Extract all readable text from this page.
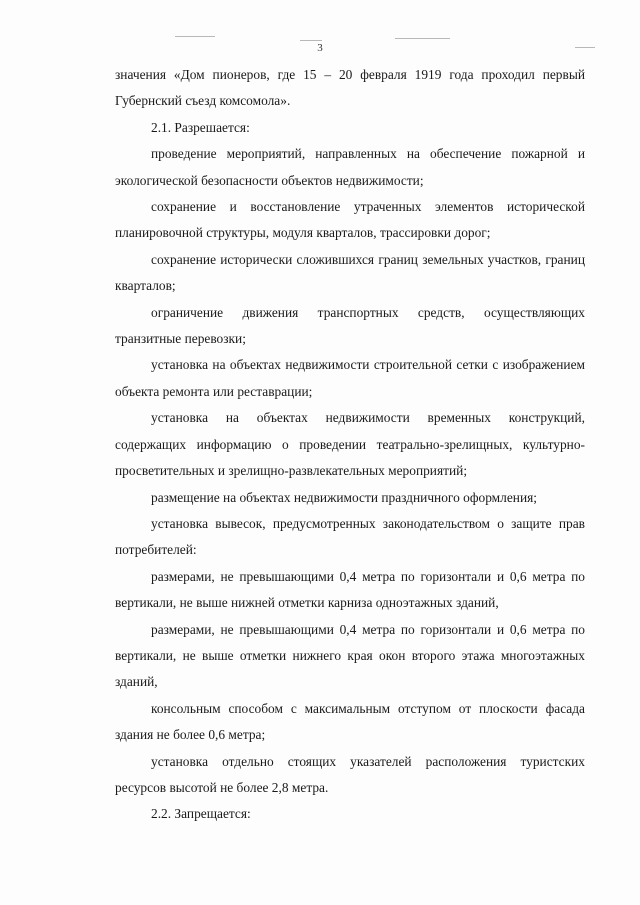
3

значения «Дом пионеров, где 15 – 20 февраля 1919 года проходил первый Губернский съезд комсомола».

2.1. Разрешается:

проведение мероприятий, направленных на обеспечение пожарной и экологической безопасности объектов недвижимости;

сохранение и восстановление утраченных элементов исторической планировочной структуры, модуля кварталов, трассировки дорог;

сохранение исторически сложившихся границ земельных участков, границ кварталов;

ограничение движения транспортных средств, осуществляющих транзитные перевозки;

установка на объектах недвижимости строительной сетки с изображением объекта ремонта или реставрации;

установка на объектах недвижимости временных конструкций, содержащих информацию о проведении театрально-зрелищных, культурно-просветительных и зрелищно-развлекательных мероприятий;

размещение на объектах недвижимости праздничного оформления;

установка вывесок, предусмотренных законодательством о защите прав потребителей:

размерами, не превышающими 0,4 метра по горизонтали и 0,6 метра по вертикали, не выше нижней отметки карниза одноэтажных зданий,

размерами, не превышающими 0,4 метра по горизонтали и 0,6 метра по вертикали, не выше отметки нижнего края окон второго этажа многоэтажных зданий,

консольным способом с максимальным отступом от плоскости фасада здания не более 0,6 метра;

установка отдельно стоящих указателей расположения туристских ресурсов высотой не более 2,8 метра.

2.2. Запрещается:
